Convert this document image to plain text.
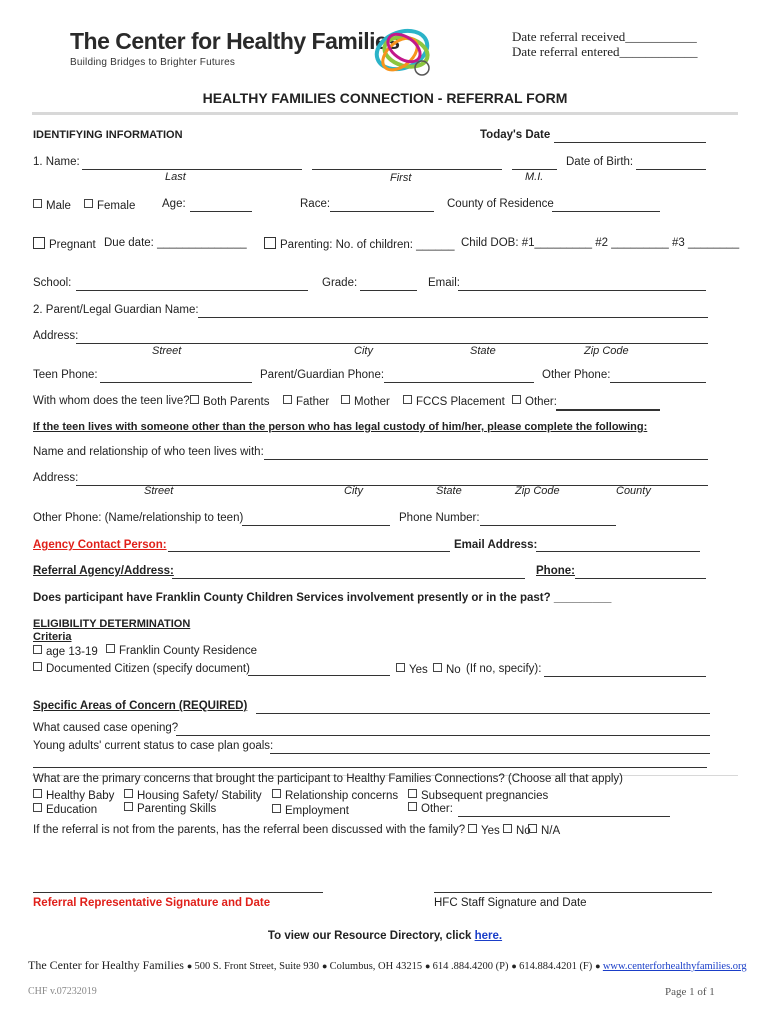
The Center for Healthy Families
Building Bridges to Brighter Futures
Date referral received___________
Date referral entered____________
HEALTHY FAMILIES CONNECTION - REFERRAL FORM
IDENTIFYING INFORMATION	Today's Date
1. Name:	Date of Birth:
Last	First	M.I.
Male	Female Age:	Race:	County of Residence
Pregnant Due date: ______________	Parenting: No. of children: ______ Child DOB: #1_________ #2 _________ #3 ________
School:	Grade:	Email:
2. Parent/Legal Guardian Name:
Address:
Street	City	State	Zip Code
Teen Phone:	Parent/Guardian Phone:	Other Phone:
With whom does the teen live?	Both Parents	Father	Mother	FCCS Placement	Other:
If the teen lives with someone other than the person who has legal custody of him/her, please complete the following:
Name and relationship of who teen lives with:
Address:
Street	City	State	Zip Code	County
Other Phone: (Name/relationship to teen)	Phone Number:
Agency Contact Person:	Email Address:
Referral Agency/Address:	Phone:
Does participant have Franklin County Children Services involvement presently or in the past? _________
ELIGIBILITY DETERMINATION
Criteria
age 13-19	Franklin County Residence
Documented Citizen (specify document)	Yes	No (If no, specify):
Specific Areas of Concern (REQUIRED)
What caused case opening?
Young adults' current status to case plan goals:
What are the primary concerns that brought the participant to Healthy Families Connections? (Choose all that apply)
Healthy Baby	Housing Safety/ Stability	Relationship concerns	Subsequent pregnancies
Education	Parenting Skills	Employment	Other:
If the referral is not from the parents, has the referral been discussed with the family?	Yes	No N/A
Referral Representative Signature and Date	HFC Staff Signature and Date
To view our Resource Directory, click here.
The Center for Healthy Families ● 500 S. Front Street, Suite 930 ● Columbus, OH 43215 ● 614 .884.4200 (P) ● 614.884.4201 (F) ● www.centerforhealthyfamilies.org
CHF v.07232019	Page 1 of 1
